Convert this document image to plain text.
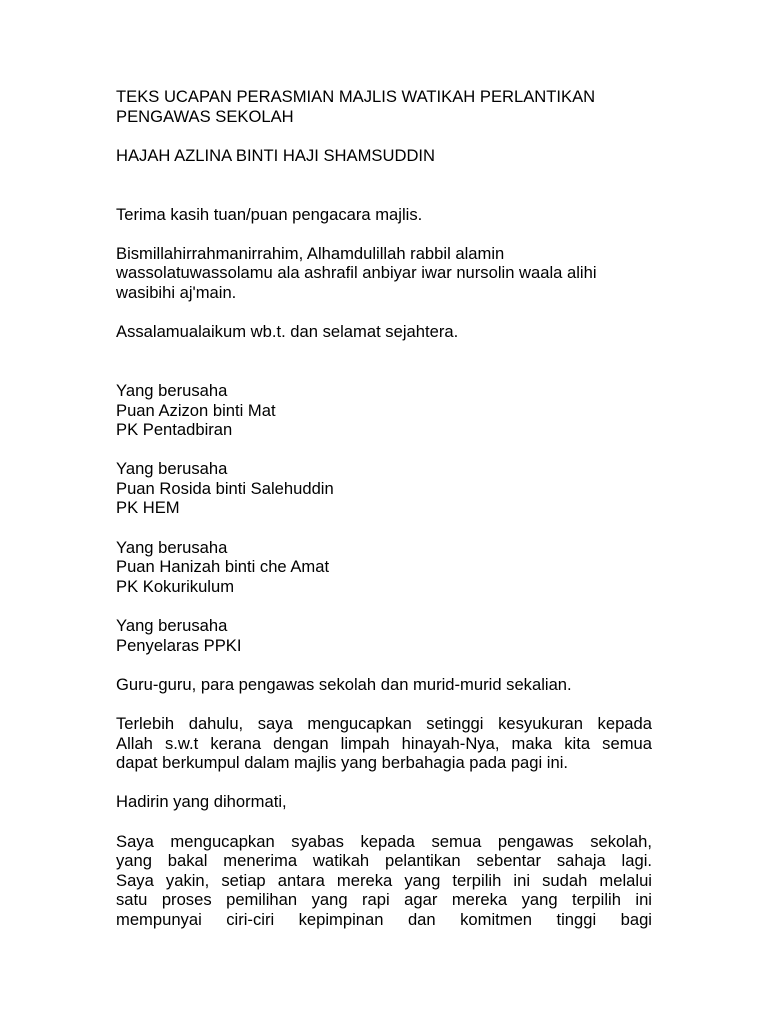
TEKS UCAPAN PERASMIAN MAJLIS WATIKAH PERLANTIKAN
PENGAWAS SEKOLAH
HAJAH AZLINA BINTI HAJI SHAMSUDDIN
Terima kasih tuan/puan pengacara majlis.
Bismillahirrahmanirrahim, Alhamdulillah rabbil alamin
wassolatuwassolamu ala ashrafil anbiyar iwar nursolin waala alihi
wasibihi aj'main.
Assalamualaikum wb.t. dan selamat sejahtera.
Yang berusaha
Puan Azizon binti Mat
PK Pentadbiran
Yang berusaha
Puan Rosida binti Salehuddin
PK HEM
Yang berusaha
Puan Hanizah binti che Amat
PK Kokurikulum
Yang berusaha
Penyelaras PPKI
Guru-guru, para pengawas sekolah dan murid-murid sekalian.
Terlebih dahulu, saya mengucapkan setinggi kesyukuran kepada
Allah s.w.t kerana dengan limpah hinayah-Nya, maka kita semua
dapat berkumpul dalam majlis yang berbahagia pada pagi ini.
Hadirin yang dihormati,
Saya mengucapkan syabas kepada semua pengawas sekolah,
yang bakal menerima watikah pelantikan sebentar sahaja lagi.
Saya yakin, setiap antara mereka yang terpilih ini sudah melalui
satu proses pemilihan yang rapi agar mereka yang terpilih ini
mempunyai ciri-ciri kepimpinan dan komitmen tinggi bagi
